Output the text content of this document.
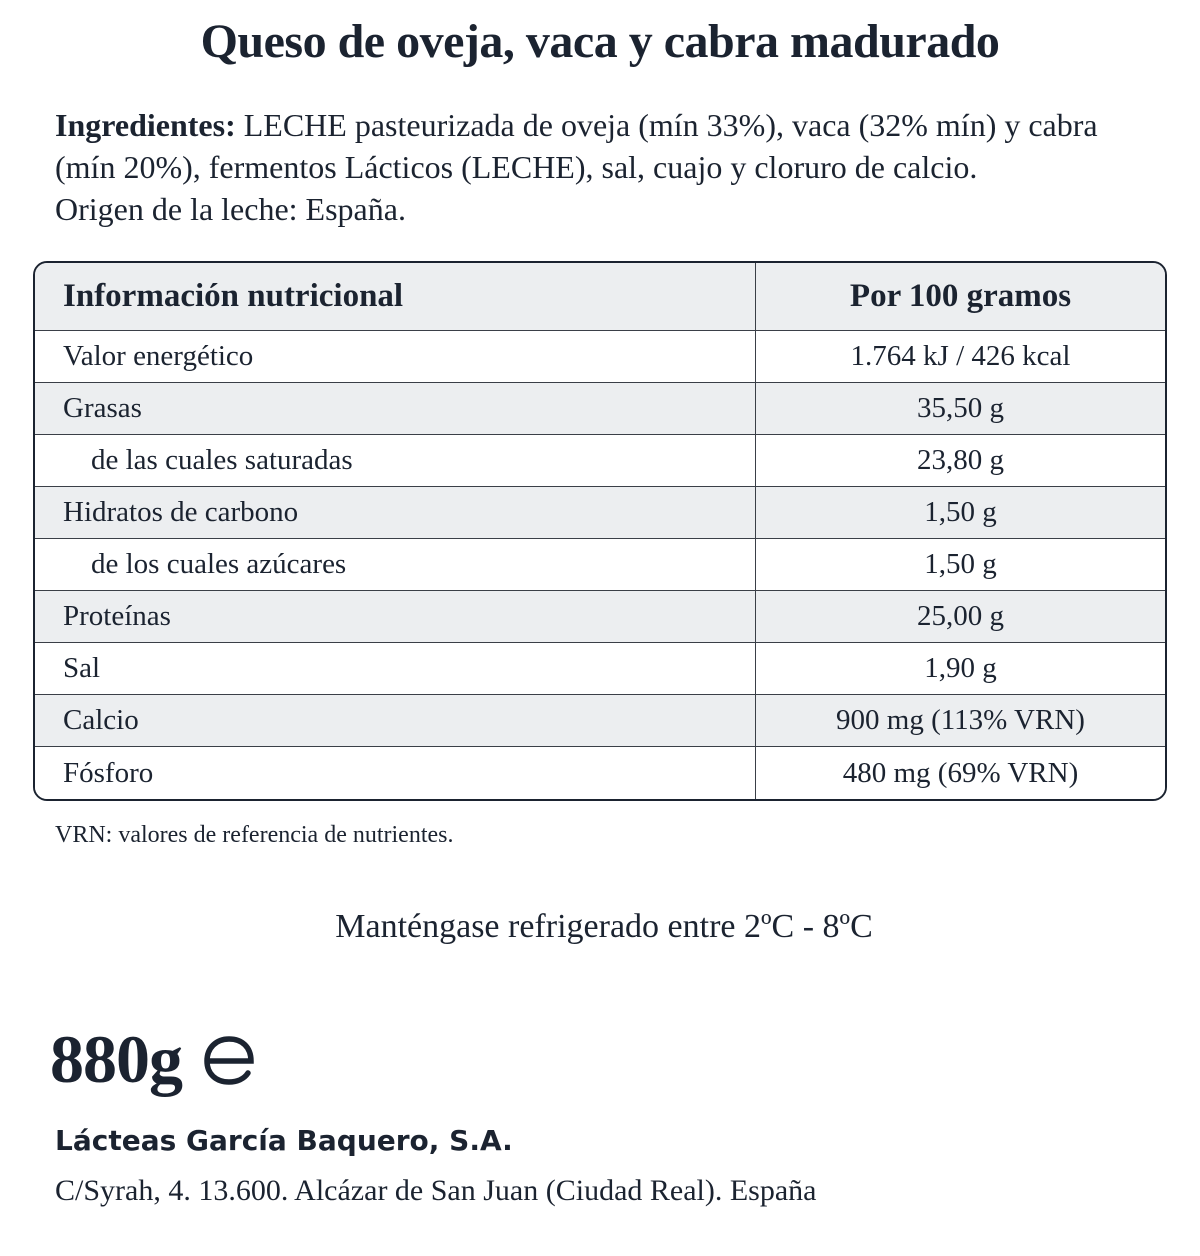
Queso de oveja, vaca y cabra madurado
Ingredientes: LECHE pasteurizada de oveja (mín 33%), vaca (32% mín) y cabra (mín 20%), fermentos Lácticos (LECHE), sal, cuajo y cloruro de calcio.
Origen de la leche: España.
Información nutricional	Por 100 gramos
Valor energético	1.764 kJ / 426 kcal
Grasas	35,50 g
de las cuales saturadas	23,80 g
Hidratos de carbono	1,50 g
de los cuales azúcares	1,50 g
Proteínas	25,00 g
Sal	1,90 g
Calcio	900 mg (113% VRN)
Fósforo	480 mg (69% VRN)
VRN: valores de referencia de nutrientes.
Manténgase refrigerado entre 2ºC - 8ºC
880g
Lácteas García Baquero, S.A.
C/Syrah, 4. 13.600. Alcázar de San Juan (Ciudad Real). España
